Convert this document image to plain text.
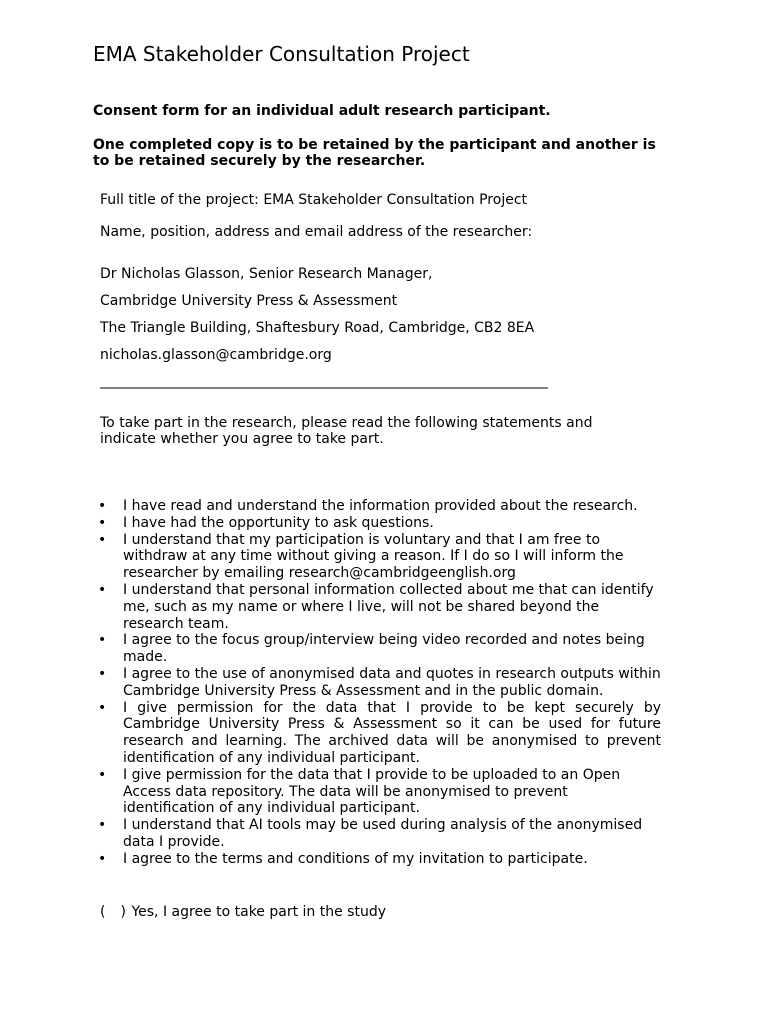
EMA Stakeholder Consultation Project
Consent form for an individual adult research participant.
One completed copy is to be retained by the participant and another is to be retained securely by the researcher.
Full title of the project: EMA Stakeholder Consultation Project
Name, position, address and email address of the researcher:
Dr Nicholas Glasson, Senior Research Manager,
Cambridge University Press & Assessment
The Triangle Building, Shaftesbury Road, Cambridge, CB2 8EA
nicholas.glasson@cambridge.org
________________________________________________________________
To take part in the research, please read the following statements and indicate whether you agree to take part.
• I have read and understand the information provided about the research.
• I have had the opportunity to ask questions.
• I understand that my participation is voluntary and that I am free to withdraw at any time without giving a reason. If I do so I will inform the researcher by emailing research@cambridgeenglish.org
• I understand that personal information collected about me that can identify me, such as my name or where I live, will not be shared beyond the research team.
• I agree to the focus group/interview being video recorded and notes being made.
• I agree to the use of anonymised data and quotes in research outputs within Cambridge University Press & Assessment and in the public domain.
• I give permission for the data that I provide to be kept securely by Cambridge University Press & Assessment so it can be used for future research and learning. The archived data will be anonymised to prevent identification of any individual participant.
• I give permission for the data that I provide to be uploaded to an Open Access data repository. The data will be anonymised to prevent identification of any individual participant.
• I understand that AI tools may be used during analysis of the anonymised data I provide.
• I agree to the terms and conditions of my invitation to participate.
( ) Yes, I agree to take part in the study
